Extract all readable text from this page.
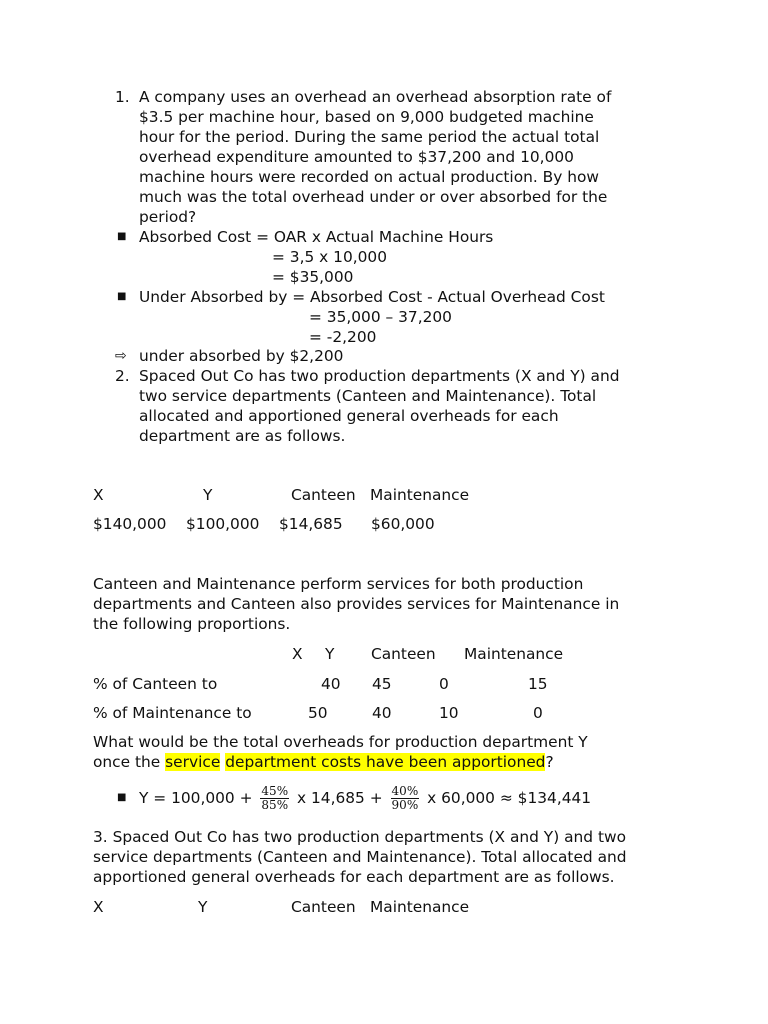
1. A company uses an overhead an overhead absorption rate of
$3.5 per machine hour, based on 9,000 budgeted machine
hour for the period. During the same period the actual total
overhead expenditure amounted to $37,200 and 10,000
machine hours were recorded on actual production. By how
much was the total overhead under or over absorbed for the
period?
■ Absorbed Cost = OAR x Actual Machine Hours
= 3,5 x 10,000
= $35,000
■ Under Absorbed by = Absorbed Cost - Actual Overhead Cost
= 35,000 – 37,200
= -2,200
⇨ under absorbed by $2,200
2. Spaced Out Co has two production departments (X and Y) and
two service departments (Canteen and Maintenance). Total
allocated and apportioned general overheads for each
department are as follows.
X	Y	Canteen Maintenance
$140,000 $100,000 $14,685 $60,000
Canteen and Maintenance perform services for both production
departments and Canteen also provides services for Maintenance in
the following proportions.
X Y Canteen Maintenance
% of Canteen to	40 45	0	15
% of Maintenance to	50	40	10	0
What would be the total overheads for production department Y
once the service department costs have been apportioned?
■ $Y = 100,000 + \frac{45\%}{85\%}$ x $14,685 + \frac{40\%}{90\%}$ x 60,000 ≈ $134,441
3. Spaced Out Co has two production departments (X and Y) and two
service departments (Canteen and Maintenance). Total allocated and
apportioned general overheads for each department are as follows.
X	Y	Canteen Maintenance
